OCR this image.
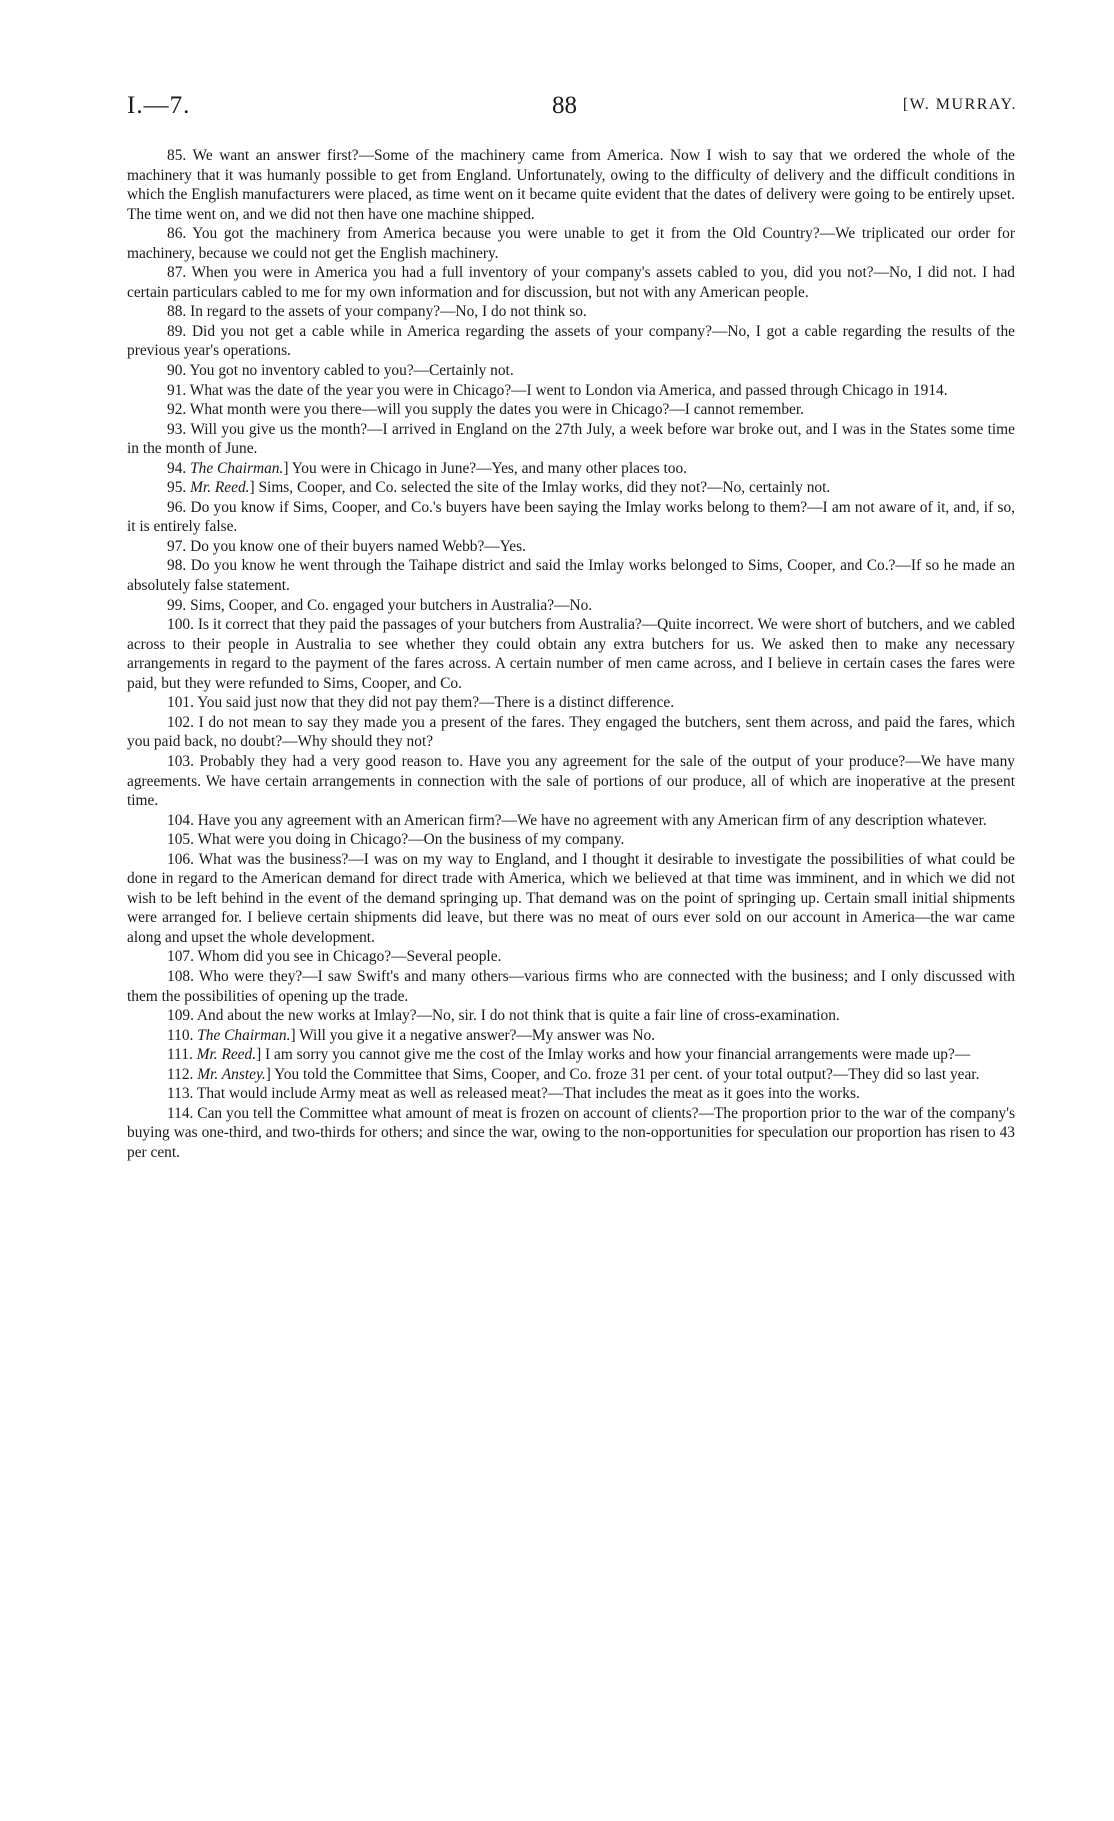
I.—7.	88	[W. MURRAY.

85. We want an answer first?—Some of the machinery came from America. Now I wish to say that we ordered the whole of the machinery that it was humanly possible to get from England. Unfortunately, owing to the difficulty of delivery and the difficult conditions in which the English manufacturers were placed, as time went on it became quite evident that the dates of delivery were going to be entirely upset. The time went on, and we did not then have one machine shipped.

86. You got the machinery from America because you were unable to get it from the Old Country?—We triplicated our order for machinery, because we could not get the English machinery.

87. When you were in America you had a full inventory of your company's assets cabled to you, did you not?—No, I did not. I had certain particulars cabled to me for my own information and for discussion, but not with any American people.

88. In regard to the assets of your company?—No, I do not think so.

89. Did you not get a cable while in America regarding the assets of your company?—No, I got a cable regarding the results of the previous year's operations.

90. You got no inventory cabled to you?—Certainly not.

91. What was the date of the year you were in Chicago?—I went to London via America, and passed through Chicago in 1914.

92. What month were you there—will you supply the dates you were in Chicago?—I cannot remember.

93. Will you give us the month?—I arrived in England on the 27th July, a week before war broke out, and I was in the States some time in the month of June.

94. The Chairman.] You were in Chicago in June?—Yes, and many other places too.

95. Mr. Reed.] Sims, Cooper, and Co. selected the site of the Imlay works, did they not?—No, certainly not.

96. Do you know if Sims, Cooper, and Co.'s buyers have been saying the Imlay works belong to them?—I am not aware of it, and, if so, it is entirely false.

97. Do you know one of their buyers named Webb?—Yes.

98. Do you know he went through the Taihape district and said the Imlay works belonged to Sims, Cooper, and Co.?—If so he made an absolutely false statement.

99. Sims, Cooper, and Co. engaged your butchers in Australia?—No.

100. Is it correct that they paid the passages of your butchers from Australia?—Quite incorrect. We were short of butchers, and we cabled across to their people in Australia to see whether they could obtain any extra butchers for us. We asked then to make any necessary arrangements in regard to the payment of the fares across. A certain number of men came across, and I believe in certain cases the fares were paid, but they were refunded to Sims, Cooper, and Co.

101. You said just now that they did not pay them?—There is a distinct difference.

102. I do not mean to say they made you a present of the fares. They engaged the butchers, sent them across, and paid the fares, which you paid back, no doubt?—Why should they not?

103. Probably they had a very good reason to. Have you any agreement for the sale of the output of your produce?—We have many agreements. We have certain arrangements in connection with the sale of portions of our produce, all of which are inoperative at the present time.

104. Have you any agreement with an American firm?—We have no agreement with any American firm of any description whatever.

105. What were you doing in Chicago?—On the business of my company.

106. What was the business?—I was on my way to England, and I thought it desirable to investigate the possibilities of what could be done in regard to the American demand for direct trade with America, which we believed at that time was imminent, and in which we did not wish to be left behind in the event of the demand springing up. That demand was on the point of springing up. Certain small initial shipments were arranged for. I believe certain shipments did leave, but there was no meat of ours ever sold on our account in America—the war came along and upset the whole development.

107. Whom did you see in Chicago?—Several people.

108. Who were they?—I saw Swift's and many others—various firms who are connected with the business; and I only discussed with them the possibilities of opening up the trade.

109. And about the new works at Imlay?—No, sir. I do not think that is quite a fair line of cross-examination.

110. The Chairman.] Will you give it a negative answer?—My answer was No.

111. Mr. Reed.] I am sorry you cannot give me the cost of the Imlay works and how your financial arrangements were made up?—

112. Mr. Anstey.] You told the Committee that Sims, Cooper, and Co. froze 31 per cent. of your total output?—They did so last year.

113. That would include Army meat as well as released meat?—That includes the meat as it goes into the works.

114. Can you tell the Committee what amount of meat is frozen on account of clients?—The proportion prior to the war of the company's buying was one-third, and two-thirds for others; and since the war, owing to the non-opportunities for speculation our proportion has risen to 43 per cent.
